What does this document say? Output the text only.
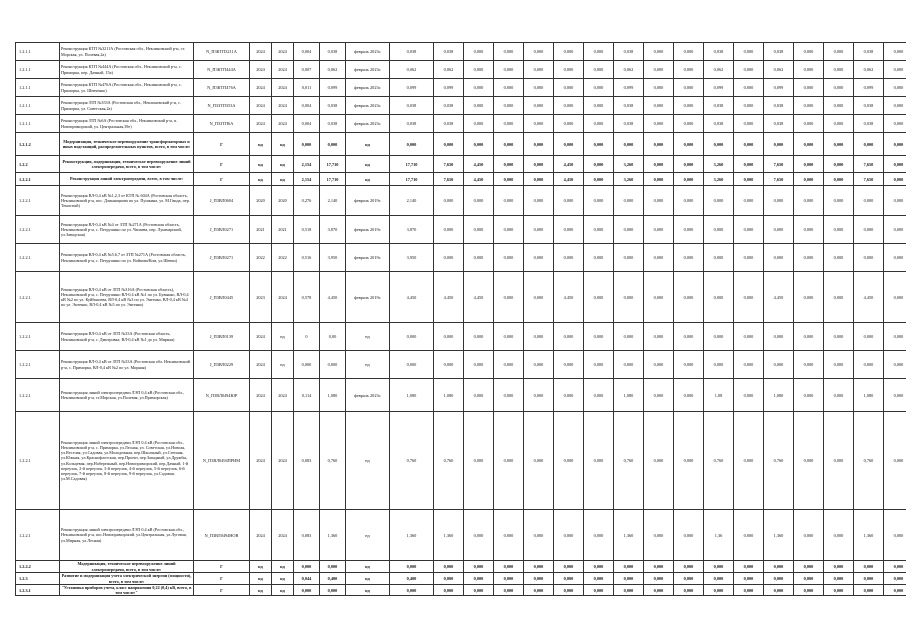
1.2.1.1	Реконструкция КТП №3211А (Ростовская обл., Неклиновский р-н, ст. Морская, ул. Полевая,2а)	N_П3КТП3211А	2024	2024	0,004	0,038	февраль 2023г.	0,038	0,038	0,000	0,000	0,000	0,000	0,000	0,038	0,000	0,000	0,038	0,000	0,038	0,000	0,000	0,038	0,000
1.2.1.1	Реконструкция КТП №444А (Ростовская обл., Неклиновский р-н, с. Приморка, пер. Дачный, 15а)	N_П3КТП444А	2024	2024	0,007	0,062	февраль 2023г.	0,062	0,062	0,000	0,000	0,000	0,000	0,000	0,062	0,000	0,000	0,062	0,000	0,062	0,000	0,000	0,062	0,000
1.2.1.1	Реконструкция КТП №476А (Ростовская обл., Неклиновский р-н, с. Приморка, ул. Шевченко)	N_П3КТП476А	2024	2024	0,011	0,099	февраль 2023г.	0,099	0,099	0,000	0,000	0,000	0,000	0,000	0,099	0,000	0,000	0,099	0,000	0,099	0,000	0,000	0,099	0,000
1.2.1.1	Реконструкция ЗТП №353А (Ростовская обл., Неклиновский р-н, с. Приморка, ул. Советская,2а)	N_П3ЗТП353А	2024	2024	0,004	0,038	февраль 2023г.	0,038	0,038	0,000	0,000	0,000	0,000	0,000	0,038	0,000	0,000	0,038	0,000	0,038	0,000	0,000	0,038	0,000
1.2.1.1	Реконструкция ЗТП №6А (Ростовская обл., Неклиновский р-н, п. Новоприморский, ул. Центральная,39е)	N_П3ЗТП6А	2024	2024	0,004	0,038	февраль 2023г.	0,038	0,038	0,000	0,000	0,000	0,000	0,000	0,038	0,000	0,000	0,038	0,000	0,038	0,000	0,000	0,038	0,000
1.2.1.2	Модернизация, техническое перевооружение трансформаторных и иных подстанций, распределительных пунктов, всего, в том числе:	Г	нд	нд	0,000	0,000	нд	0,000	0,000	0,000	0,000	0,000	0,000	0,000	0,000	0,000	0,000	0,000	0,000	0,000	0,000	0,000	0,000	0,000
1.2.2	Реконструкция, модернизация, техническое перевооружение линий электропередачи, всего, в том числе:	Г	нд	нд	2,154	17,710	нд	17,710	7,650	4,450	0,000	0,000	4,450	0,000	3,260	0,000	0,000	3,260	0,000	7,650	0,000	0,000	7,650	0,000
1.2.2.1	Реконструкция линий электропередачи, всего, в том числе:	Г	нд	нд	2,154	17,710	нд	17,710	7,650	4,450	0,000	0,000	4,450	0,000	3,260	0,000	0,000	3,260	0,000	7,650	0,000	0,000	7,650	0,000
1.2.2.1	Реконструкция ВЛ-0,4 кВ №1,2,3 от КТП № 604А (Ростовская область, Неклиновский р-н, пос. Длинноцкова по ул. Пушкина, ул. М.Гвида, пер. Тенистый)	J_П3ВЛ0604	2020	2020	0,276	2,140	февраль 2019г.	2,140	0,000	0,000	0,000	0,000	0,000	0,000	0,000	0,000	0,000	0,000	0,000	0,000	0,000	0,000	0,000	0,000
1.2.2.1	Реконструкция ВЛ-0,4 кВ №4 от ЗТП №271А (Ростовская область, Неклиновский р-н, с. Петрушино по ул. Чапаева, пер. Луначарский, ул.Заводская)	J_П3ВЛ0271	2021	2021	0,518	3,870	февраль 2019г.	3,870	0,000	0,000	0,000	0,000	0,000	0,000	0,000	0,000	0,000	0,000	0,000	0,000	0,000	0,000	0,000	0,000
1.2.2.1	Реконструкция ВЛ-0,4 кВ №5,6,7 от ЗТП №271А (Ростовская область, Неклиновский р-н, с. Петрушино по ул. Войкова/Ком, ул.Шевчи)	J_П3ВЛ0271	2022	2022	0,516	3,950	февраль 2019г.	3,950	0,000	0,000	0,000	0,000	0,000	0,000	0,000	0,000	0,000	0,000	0,000	0,000	0,000	0,000	0,000	0,000
1.2.2.1	Реконструкция ВЛ-0,4 кВ от ЗТП №316А (Ростовская область), Неклиновский р-н, с. Петрушино ВЛ-0,4 кВ №1 по ул. Бувынко, ВЛ-0,4 кВ №2 по ул. Куйбышева, ВЛ-0,4 кВ №3 по ул. Энтенко, ВЛ-0,4 кВ №4 по ул. Энтенко, ВЛ-0,4 кВ №5 по ул. Энтенко)	J_П3ВЛ0445	2023	2024	0,578	4,450	февраль 2019г.	4,450	4,450	4,450	0,000	0,000	4,450	0,000	0,000	0,000	0,000	0,000	0,000	4,450	0,000	0,000	4,450	0,000
1.2.2.1	Реконструкция ВЛ-0,4 кВ от ЗТП №33А (Ростовская область, Неклиновский р-н, с. Дмитровка, ВЛ-0,4 кВ №1 до ул. Мирная)	J_П3ВЛ0139	2024	нд	0	0,00	нд	0,000	0,000	0,000	0,000	0,000	0,000	0,000	0,000	0,000	0,000	0,000	0,000	0,000	0,000	0,000	0,000	0,000
1.2.2.1	Реконструкция ВЛ-0,4 кВ от ЗТП №33А (Ростовская обл. Неклиновский р-н, с. Приморка, ВЛ-0,4 кВ №2 по ул. Мирная)	J_П3ВЛ0229	2024	нд	0,000	0,000	нд	0,000	0,000	0,000	0,000	0,000	0,000	0,000	0,000	0,000	0,000	0,000	0,000	0,000	0,000	0,000	0,000	0,000
1.2.2.1	Реконструкция линий электропередачи ЛЭП 0,4 кВ (Ростовская обл., Неклиновский р-н, ст.Морская, ул.Полевая, ул.Приморская)	N_П3ВЛ0494ЮР	2024	2024	0,114	1,080	февраль 2023г.	1,080	1,080	0,000	0,000	0,000	0,000	0,000	1,080	0,000	0,000	1,08	0,000	1,080	0,000	0,000	1,080	0,000
1.2.2.1	Реконструкция линий электропередачи ЛЭП 0,4 кВ (Ростовская обл., Неклиновский р-н, с. Приморка, ул.Лесная, ул. Советская, ул.Новоая, ул.Веселая, ул.Садовая, ул.Молодежная, пер.Школьный, ул.Степная, ул.Южная, ул.Краснофлотская, пер.Проект, пер.Западный, ул.Дружбы, ул.Кольцевая, пер.Набережный, пер.Новоприморский, пер.Дачный, 1-й переулок, 2-й переулок, 3-й переулок, 4-й переулок, 5-й переулок, 6-й переулок, 7-й переулок, 8-й переулок, 9-й переулок, ул.Садовая, ул.М.Садовая)	N_П3ВЛ0494ПРИМ	2024	2024	0,083	0,760	нд	0,760	0,760	0,000	0,000	0,000	0,000	0,000	0,760	0,000	0,000	0,760	0,000	0,760	0,000	0,000	0,760	0,000
1.2.2.1	Реконструкция линий электропередачи ЛЭП 0,4 кВ (Ростовская обл., Неклиновский р-н, пос.Новоприморский, ул.Центральная, ул.Луговая, ул.Мирная, ул.Лесная)	N_П3ВЛ0494НОВ	2024	2024	0,083	1,360	нд	1,360	1,360	0,000	0,000	0,000	0,000	0,000	1,360	0,000	0,000	1,36	0,000	1,360	0,000	0,000	1,360	0,000
1.2.2.2	Модернизация, техническое перевооружение линий электропередачи, всего, в том числе:	Г	нд	нд	0,000	0,000	нд	0,000	0,000	0,000	0,000	0,000	0,000	0,000	0,000	0,000	0,000	0,000	0,000	0,000	0,000	0,000	0,000	0,000
1.2.3	Развитие и модернизация учета электрической энергии (мощности), всего, в том числе:	Г	нд	нд	0,044	0,400	нд	0,400	0,000	0,000	0,000	0,000	0,000	0,000	0,000	0,000	0,000	0,000	0,000	0,000	0,000	0,000	0,000	0,000
1.2.3.1	"Установка приборов учета, класс напряжения 0,22 (0,4) кВ, всего, в том числе:"	Г	нд	нд	0,000	0,000	нд	0,000	0,000	0,000	0,000	0,000	0,000	0,000	0,000	0,000	0,000	0,000	0,000	0,000	0,000	0,000	0,000	0,000
